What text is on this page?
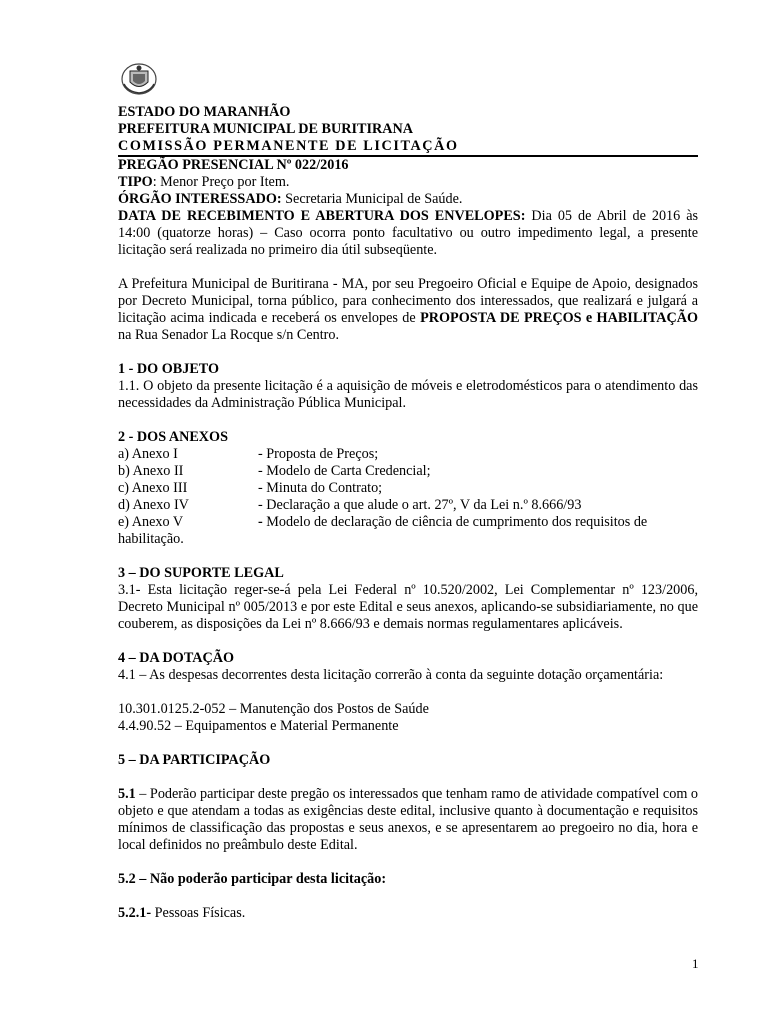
ESTADO DO MARANHÃO
PREFEITURA MUNICIPAL DE BURITIRANA
COMISSÃO PERMANENTE DE LICITAÇÃO
PREGÃO PRESENCIAL Nº 022/2016
TIPO: Menor Preço por Item.
ÓRGÃO INTERESSADO: Secretaria Municipal de Saúde.
DATA DE RECEBIMENTO E ABERTURA DOS ENVELOPES: Dia 05 de Abril de 2016 às 14:00 (quatorze horas) – Caso ocorra ponto facultativo ou outro impedimento legal, a presente licitação será realizada no primeiro dia útil subseqüente.
A Prefeitura Municipal de Buritirana - MA, por seu Pregoeiro Oficial e Equipe de Apoio, designados por Decreto Municipal, torna público, para conhecimento dos interessados, que realizará e julgará a licitação acima indicada e receberá os envelopes de PROPOSTA DE PREÇOS e HABILITAÇÃO na Rua Senador La Rocque s/n Centro.
1 - DO OBJETO
1.1. O objeto da presente licitação é a aquisição de móveis e eletrodomésticos para o atendimento das necessidades da Administração Pública Municipal.
2 - DOS ANEXOS
a) Anexo I	- Proposta de Preços;
b) Anexo II	- Modelo de Carta Credencial;
c) Anexo III	- Minuta do Contrato;
d) Anexo IV	- Declaração a que alude o art. 27º, V da Lei n.º 8.666/93
e) Anexo V	- Modelo de declaração de ciência de cumprimento dos requisitos de
habilitação.
3 – DO SUPORTE LEGAL
3.1- Esta licitação reger-se-á pela Lei Federal nº 10.520/2002, Lei Complementar nº 123/2006, Decreto Municipal nº 005/2013 e por este Edital e seus anexos, aplicando-se subsidiariamente, no que couberem, as disposições da Lei nº 8.666/93 e demais normas regulamentares aplicáveis.
4 – DA DOTAÇÃO
4.1 – As despesas decorrentes desta licitação correrão à conta da seguinte dotação orçamentária:
10.301.0125.2-052 – Manutenção dos Postos de Saúde
4.4.90.52 – Equipamentos e Material Permanente
5 – DA PARTICIPAÇÃO
5.1 – Poderão participar deste pregão os interessados que tenham ramo de atividade compatível com o objeto e que atendam a todas as exigências deste edital, inclusive quanto à documentação e requisitos mínimos de classificação das propostas e seus anexos, e se apresentarem ao pregoeiro no dia, hora e local definidos no preâmbulo deste Edital.
5.2 – Não poderão participar desta licitação:
5.2.1- Pessoas Físicas.
1
